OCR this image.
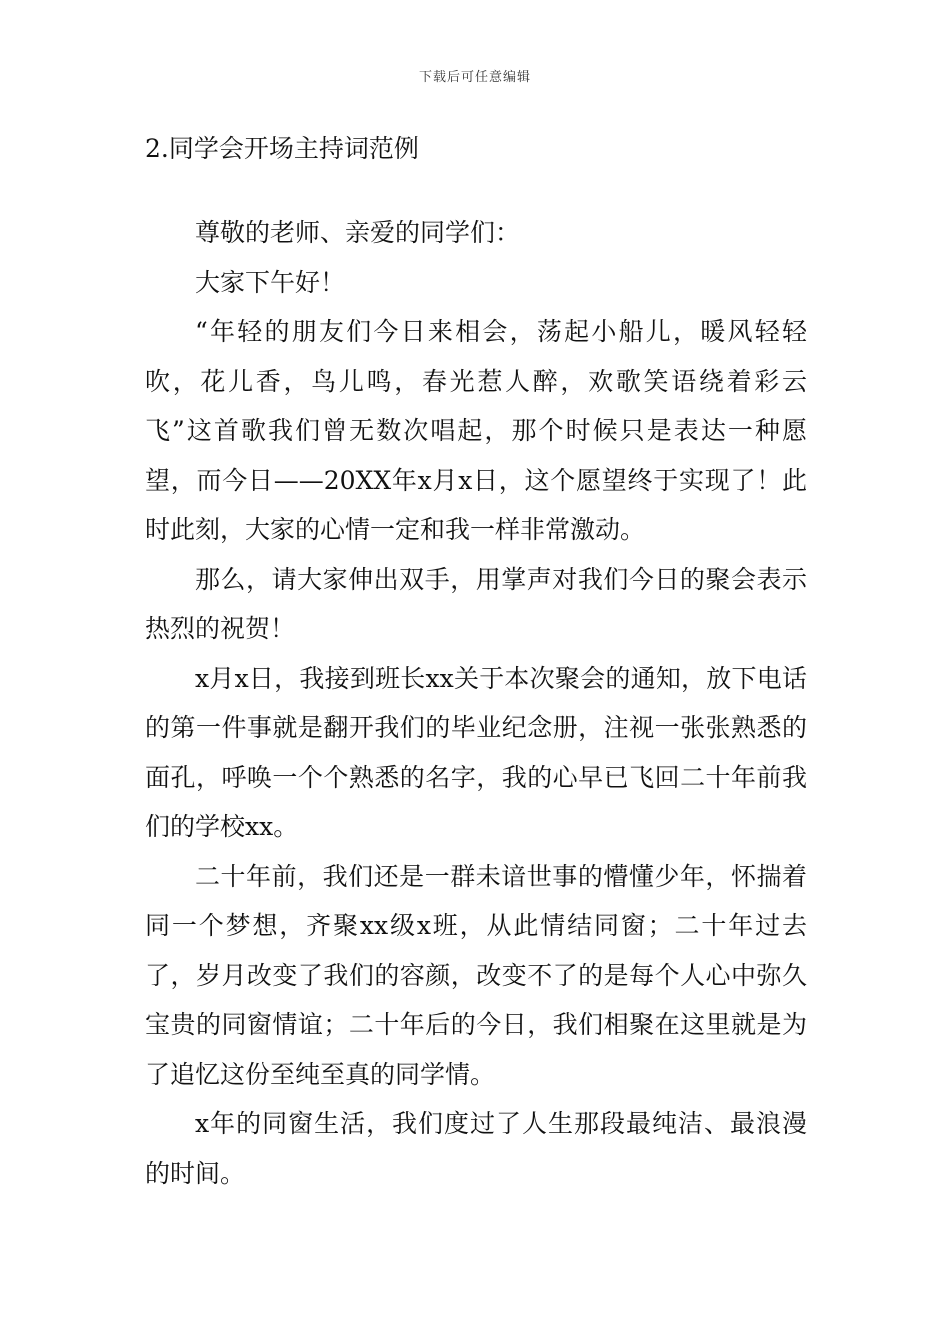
下载后可任意编辑
2.同学会开场主持词范例

尊敬的老师、亲爱的同学们：

大家下午好！

“年轻的朋友们今日来相会，荡起小船儿，暖风轻轻吹，花儿香，鸟儿鸣，春光惹人醉，欢歌笑语绕着彩云飞”这首歌我们曾无数次唱起，那个时候只是表达一种愿望，而今日——20XX年x月x日，这个愿望终于实现了！此时此刻，大家的心情一定和我一样非常激动。

那么，请大家伸出双手，用掌声对我们今日的聚会表示热烈的祝贺！

x月x日，我接到班长xx关于本次聚会的通知，放下电话的第一件事就是翻开我们的毕业纪念册，注视一张张熟悉的面孔，呼唤一个个熟悉的名字，我的心早已飞回二十年前我们的学校xx。

二十年前，我们还是一群未谙世事的懵懂少年，怀揣着同一个梦想，齐聚xx级x班，从此情结同窗；二十年过去了，岁月改变了我们的容颜，改变不了的是每个人心中弥久宝贵的同窗情谊；二十年后的今日，我们相聚在这里就是为了追忆这份至纯至真的同学情。

x年的同窗生活，我们度过了人生那段最纯洁、最浪漫的时间。
